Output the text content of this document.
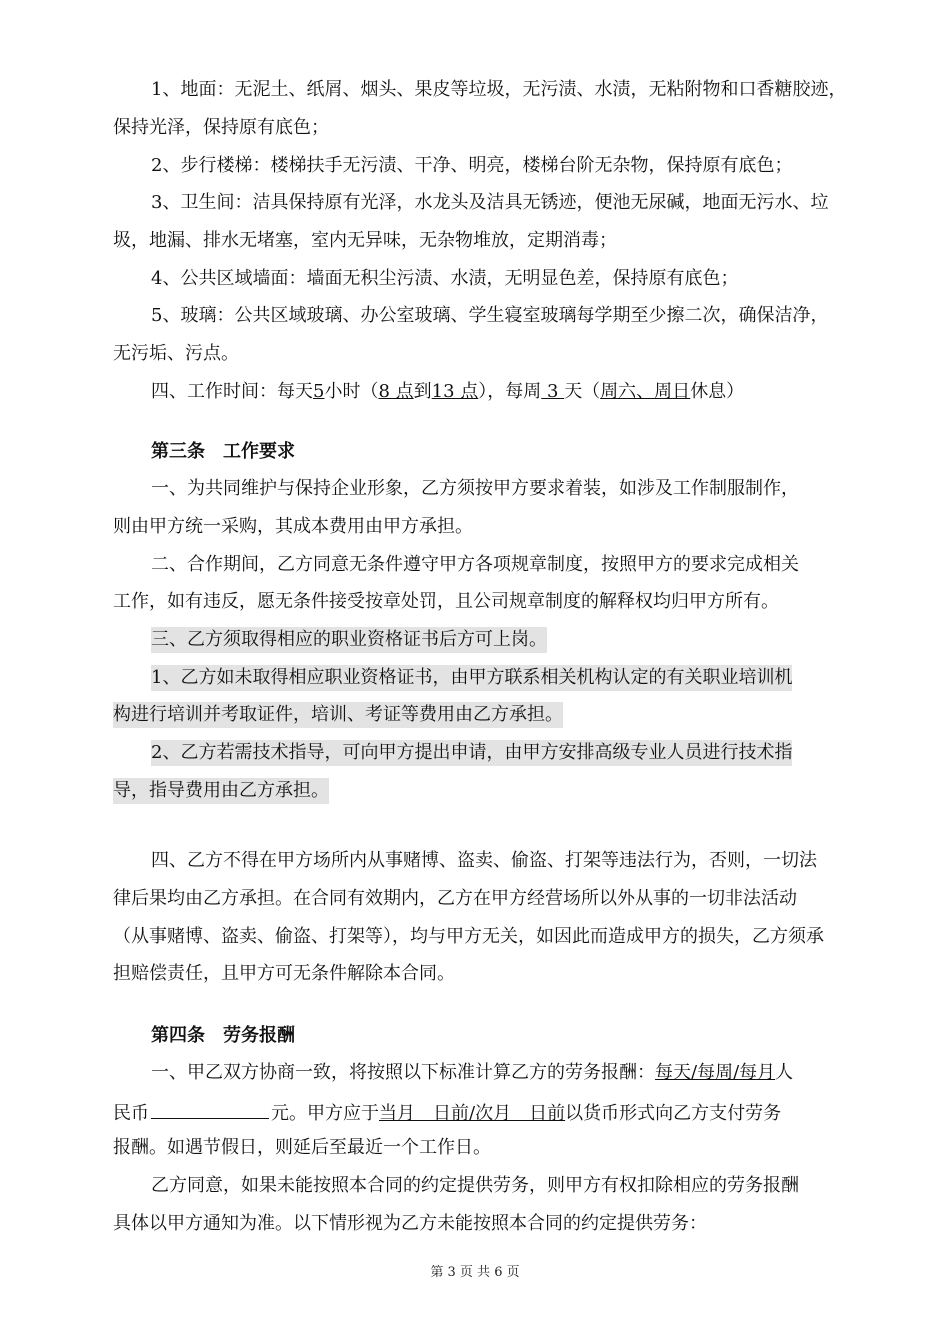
1、地面：无泥土、纸屑、烟头、果皮等垃圾，无污渍、水渍，无粘附物和口香糖胶迹，
保持光泽，保持原有底色；
2、步行楼梯：楼梯扶手无污渍、干净、明亮，楼梯台阶无杂物，保持原有底色；
3、卫生间：洁具保持原有光泽，水龙头及洁具无锈迹，便池无尿碱，地面无污水、垃
圾，地漏、排水无堵塞，室内无异味，无杂物堆放，定期消毒；
4、公共区域墙面：墙面无积尘污渍、水渍，无明显色差，保持原有底色；
5、玻璃：公共区域玻璃、办公室玻璃、学生寝室玻璃每学期至少擦二次，确保洁净，
无污垢、污点。
四、工作时间：每天5小时（8 点到13 点），每周 3 天（周六、周日休息）
第三条　工作要求
一、为共同维护与保持企业形象，乙方须按甲方要求着装，如涉及工作制服制作，
则由甲方统一采购，其成本费用由甲方承担。
二、合作期间，乙方同意无条件遵守甲方各项规章制度，按照甲方的要求完成相关
工作，如有违反，愿无条件接受按章处罚，且公司规章制度的解释权均归甲方所有。
三、乙方须取得相应的职业资格证书后方可上岗。
1、乙方如未取得相应职业资格证书，由甲方联系相关机构认定的有关职业培训机
构进行培训并考取证件，培训、考证等费用由乙方承担。
2、乙方若需技术指导，可向甲方提出申请，由甲方安排高级专业人员进行技术指
导，指导费用由乙方承担。
四、乙方不得在甲方场所内从事赌博、盗卖、偷盗、打架等违法行为，否则，一切法
律后果均由乙方承担。在合同有效期内，乙方在甲方经营场所以外从事的一切非法活动
（从事赌博、盗卖、偷盗、打架等），均与甲方无关，如因此而造成甲方的损失，乙方须承
担赔偿责任，且甲方可无条件解除本合同。
第四条　劳务报酬
一、甲乙双方协商一致，将按照以下标准计算乙方的劳务报酬：每天/每周/每月人
民币	元。甲方应于当月　日前/次月　日前以货币形式向乙方支付劳务
报酬。如遇节假日，则延后至最近一个工作日。
乙方同意，如果未能按照本合同的约定提供劳务，则甲方有权扣除相应的劳务报酬
具体以甲方通知为准。以下情形视为乙方未能按照本合同的约定提供劳务：
第 3 页 共 6 页
